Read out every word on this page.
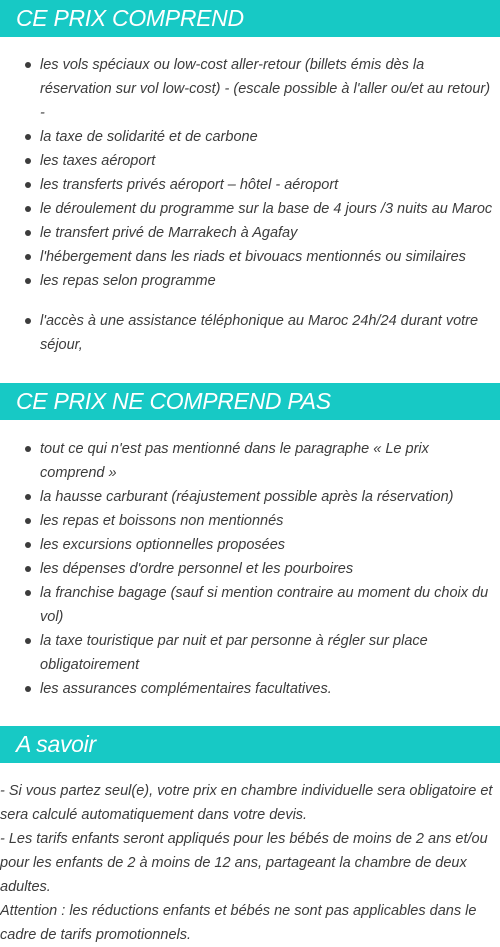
CE PRIX COMPREND
les vols spéciaux ou low-cost aller-retour (billets émis dès la réservation sur vol low-cost) - (escale possible à l'aller ou/et au retour) -
la taxe de solidarité et de carbone
les taxes aéroport
les transferts privés aéroport – hôtel - aéroport
le déroulement du programme sur la base de 4 jours /3 nuits au Maroc
le transfert privé de Marrakech à Agafay
l'hébergement dans les riads et bivouacs mentionnés ou similaires
les repas selon programme
l'accès à une assistance téléphonique au Maroc 24h/24 durant votre séjour,
CE PRIX NE COMPREND PAS
tout ce qui n'est pas mentionné dans le paragraphe « Le prix comprend »
la hausse carburant (réajustement possible après la réservation)
les repas et boissons non mentionnés
les excursions optionnelles proposées
les dépenses d'ordre personnel et les pourboires
la franchise bagage (sauf si mention contraire au moment du choix du vol)
la taxe touristique par nuit et par personne à régler sur place obligatoirement
les assurances complémentaires facultatives.
A savoir

- Si vous partez seul(e), votre prix en chambre individuelle sera obligatoire et sera calculé automatiquement dans votre devis.

- Les tarifs enfants seront appliqués pour les bébés de moins de 2 ans et/ou pour les enfants de 2 à moins de 12 ans, partageant la chambre de deux adultes.

Attention : les réductions enfants et bébés ne sont pas applicables dans le cadre de tarifs promotionnels.
